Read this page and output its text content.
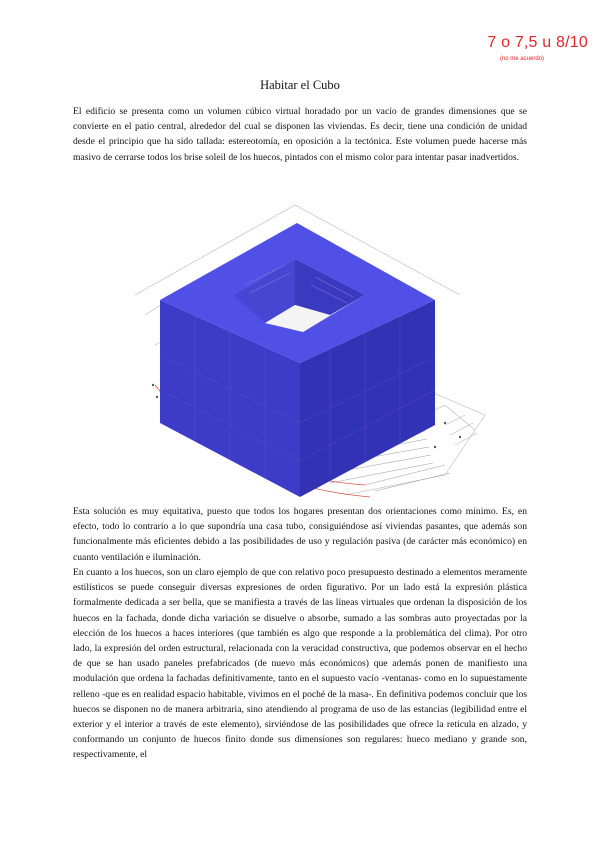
7 o 7,5 u 8/10
(no me acuerdo)
Habitar el Cubo

El edificio se presenta como un volumen cúbico virtual horadado por un vacío de grandes dimensiones que se convierte en el patio central, alrededor del cual se disponen las viviendas. Es decir, tiene una condición de unidad desde el principio que ha sido tallada: estereotomía, en oposición a la tectónica. Este volumen puede hacerse más masivo de cerrarse todos los brise soleil de los huecos, pintados con el mismo color para intentar pasar inadvertidos.

Esta solución es muy equitativa, puesto que todos los hogares presentan dos orientaciones como mínimo. Es, en efecto, todo lo contrario a lo que supondría una casa tubo, consiguiéndose así viviendas pasantes, que además son funcionalmente más eficientes debido a las posibilidades de uso y regulación pasiva (de carácter más económico) en cuanto ventilación e iluminación.

En cuanto a los huecos, son un claro ejemplo de que con relativo poco presupuesto destinado a elementos meramente estilísticos se puede conseguir diversas expresiones de orden figurativo. Por un lado está la expresión plástica formalmente dedicada a ser bella, que se manifiesta a través de las líneas virtuales que ordenan la disposición de los huecos en la fachada, donde dicha variación se disuelve o absorbe, sumado a las sombras auto proyectadas por la elección de los huecos a haces interiores (que también es algo que responde a la problemática del clima). Por otro lado, la expresión del orden estructural, relacionada con la veracidad constructiva, que podemos observar en el hecho de que se han usado paneles prefabricados (de nuevo más económicos) que además ponen de manifiesto una modulación que ordena la fachadas definitivamente, tanto en el supuesto vacío -ventanas- como en lo supuestamente relleno -que es en realidad espacio habitable, vivimos en el poché de la masa-. En definitiva podemos concluir que los huecos se disponen no de manera arbitraria, sino atendiendo al programa de uso de las estancias (legibilidad entre el exterior y el interior a través de este elemento), sirviéndose de las posibilidades que ofrece la retícula en alzado, y conformando un conjunto de huecos finito donde sus dimensiones son regulares: hueco mediano y grande son, respectivamente, el
